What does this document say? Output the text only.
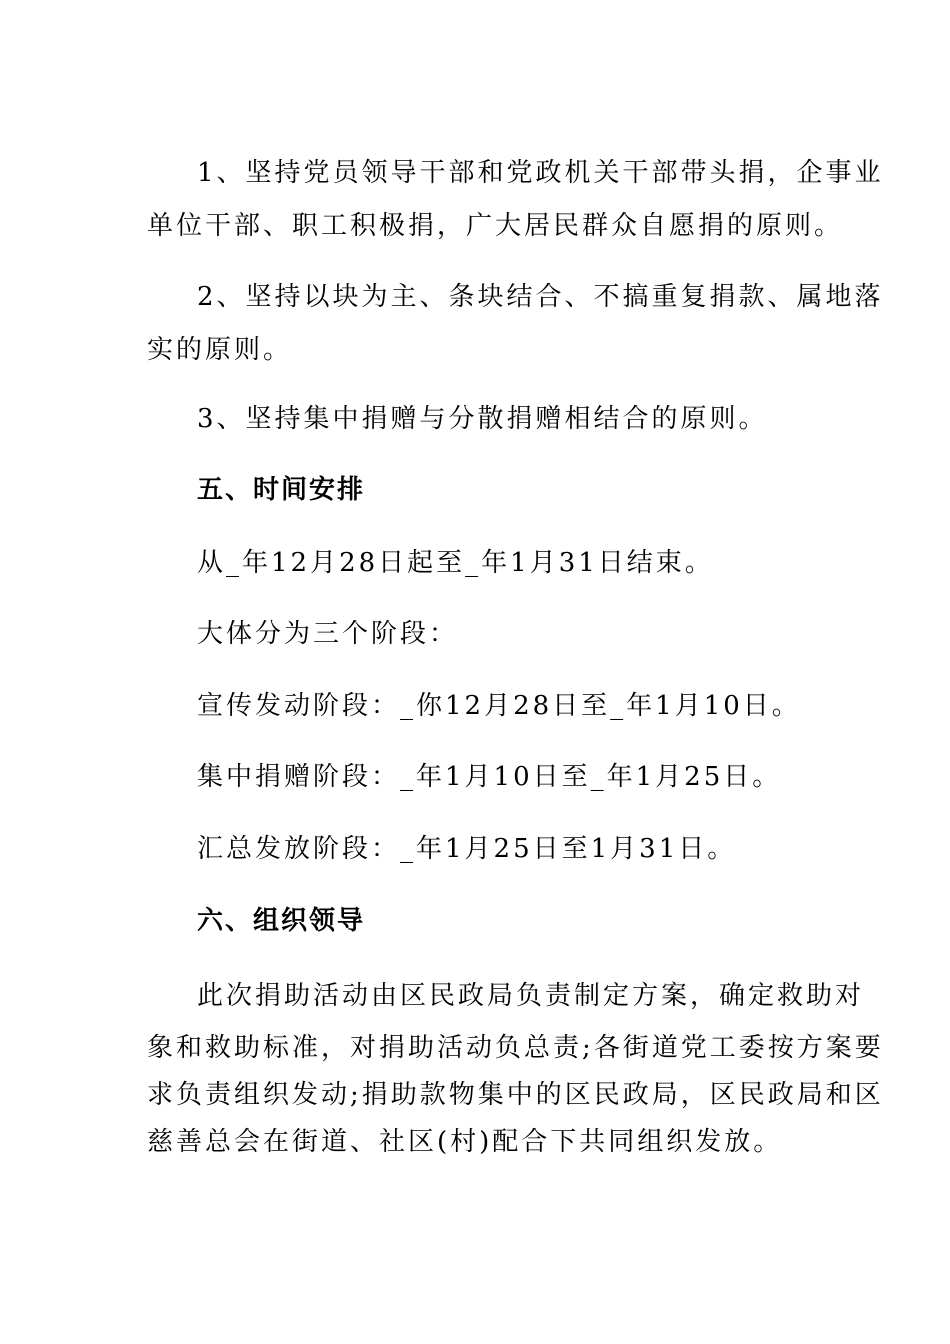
1、坚持党员领导干部和党政机关干部带头捐，企事业

单位干部、职工积极捐，广大居民群众自愿捐的原则。

2、坚持以块为主、条块结合、不搞重复捐款、属地落

实的原则。

3、坚持集中捐赠与分散捐赠相结合的原则。

五、时间安排

从_年12月28日起至_年1月31日结束。

大体分为三个阶段：

宣传发动阶段：_你12月28日至_年1月10日。

集中捐赠阶段：_年1月10日至_年1月25日。

汇总发放阶段：_年1月25日至1月31日。

六、组织领导

此次捐助活动由区民政局负责制定方案，确定救助对

象和救助标准，对捐助活动负总责;各街道党工委按方案要

求负责组织发动;捐助款物集中的区民政局，区民政局和区

慈善总会在街道、社区(村)配合下共同组织发放。
